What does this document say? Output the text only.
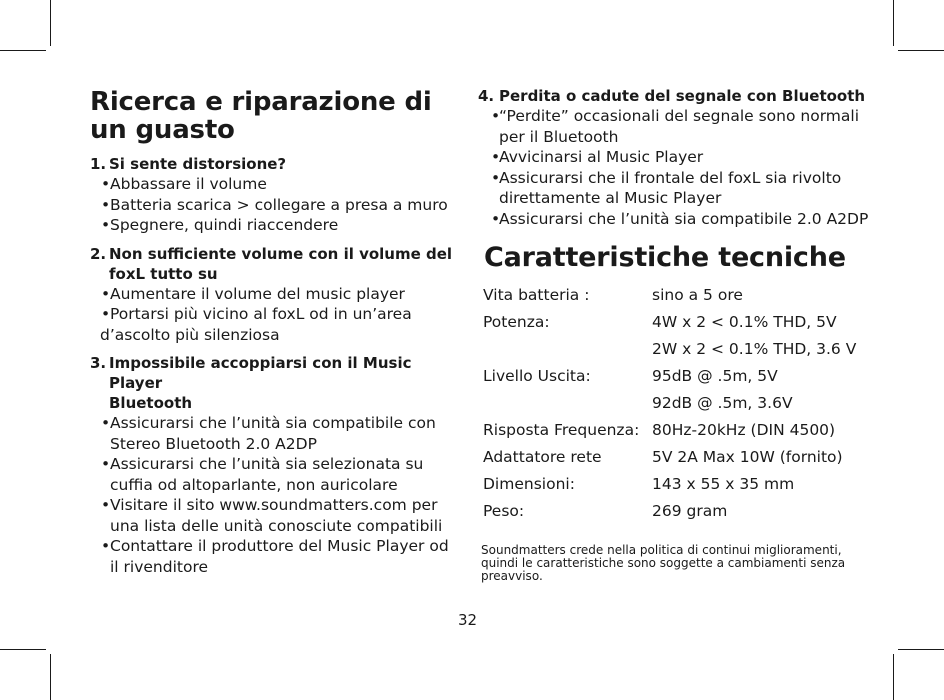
Ricerca e riparazione di
un guasto
1. Si sente distorsione?
• Abbassare il volume
• Batteria scarica > collegare a presa a muro
• Spegnere, quindi riaccendere
2. Non sufficiente volume con il volume del
foxL tutto su
• Aumentare il volume del music player
• Portarsi più vicino al foxL od in un’area
d’ascolto più silenziosa
3. Impossibile accoppiarsi con il Music Player
Bluetooth
• Assicurarsi che l’unità sia compatibile con
Stereo Bluetooth 2.0 A2DP
• Assicurarsi che l’unità sia selezionata su
cuffia od altoparlante, non auricolare
• Visitare il sito www.soundmatters.com per
una lista delle unità conosciute compatibili
• Contattare il produttore del Music Player od
il rivenditore
4. Perdita o cadute del segnale con Bluetooth
•
“Perdite” occasionali del segnale sono normali
per il Bluetooth
•
Avvicinarsi al Music Player
•
Assicurarsi che il frontale del foxL sia rivolto
direttamente al Music Player
•
Assicurarsi che l’unità sia compatibile 2.0 A2DP
Caratteristiche tecniche
Vita batteria :	sino a 5 ore
Potenza:	4W x 2 < 0.1% THD, 5V
2W x 2 < 0.1% THD, 3.6 V
Livello Uscita:	95dB @ .5m, 5V
92dB @ .5m, 3.6V
Risposta Frequenza: 80Hz-20kHz (DIN 4500)
Adattatore rete	5V 2A Max 10W (fornito)
Dimensioni:	143 x 55 x 35 mm
Peso:	269 gram
Soundmatters crede nella politica di continui miglioramenti,
quindi le caratteristiche sono soggette a cambiamenti senza
preavviso.
32
